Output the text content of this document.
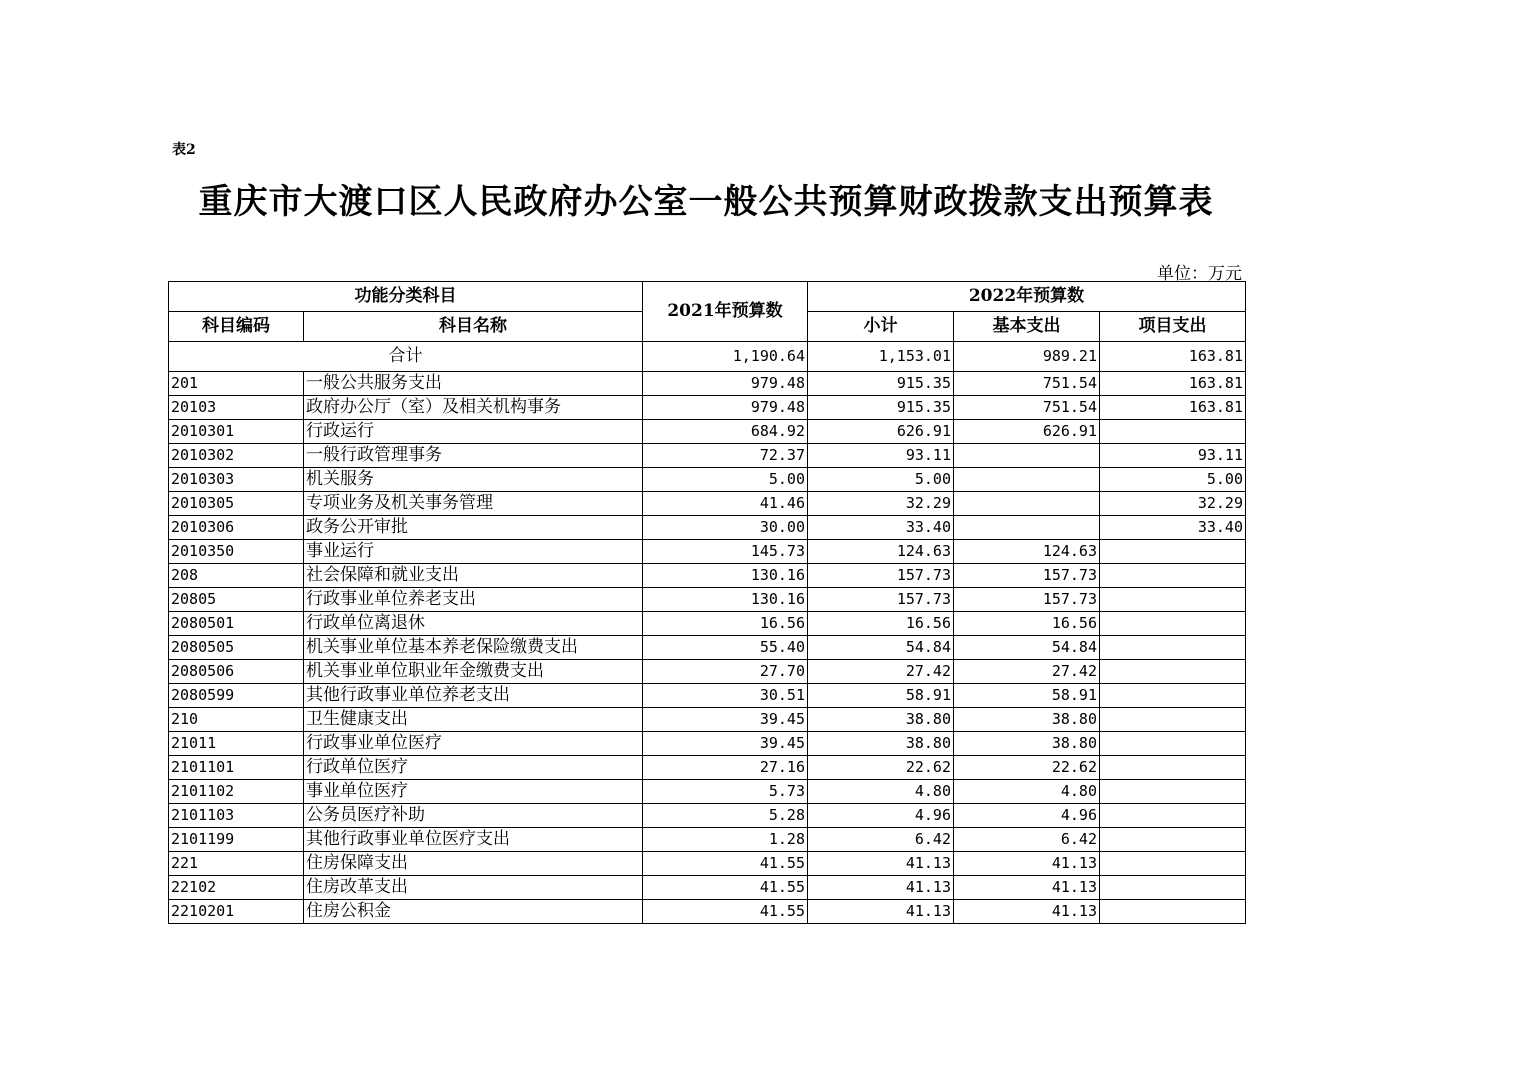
表2
重庆市大渡口区人民政府办公室一般公共预算财政拨款支出预算表
单位：万元
功能分类科目		2021年预算数	2022年预算数		
科目编码	科目名称		小计	基本支出	项目支出
合计		1,190.64	1,153.01	989.21	163.81
201	一般公共服务支出	979.48	915.35	751.54	163.81
20103	政府办公厅（室）及相关机构事务	979.48	915.35	751.54	163.81
2010301	行政运行	684.92	626.91	626.91	
2010302	一般行政管理事务	72.37	93.11		93.11
2010303	机关服务	5.00	5.00		5.00
2010305	专项业务及机关事务管理	41.46	32.29		32.29
2010306	政务公开审批	30.00	33.40		33.40
2010350	事业运行	145.73	124.63	124.63	
208	社会保障和就业支出	130.16	157.73	157.73	
20805	行政事业单位养老支出	130.16	157.73	157.73	
2080501	行政单位离退休	16.56	16.56	16.56	
2080505	机关事业单位基本养老保险缴费支出	55.40	54.84	54.84	
2080506	机关事业单位职业年金缴费支出	27.70	27.42	27.42	
2080599	其他行政事业单位养老支出	30.51	58.91	58.91	
210	卫生健康支出	39.45	38.80	38.80	
21011	行政事业单位医疗	39.45	38.80	38.80	
2101101	行政单位医疗	27.16	22.62	22.62	
2101102	事业单位医疗	5.73	4.80	4.80	
2101103	公务员医疗补助	5.28	4.96	4.96	
2101199	其他行政事业单位医疗支出	1.28	6.42	6.42	
221	住房保障支出	41.55	41.13	41.13	
22102	住房改革支出	41.55	41.13	41.13	
2210201	住房公积金	41.55	41.13	41.13	
